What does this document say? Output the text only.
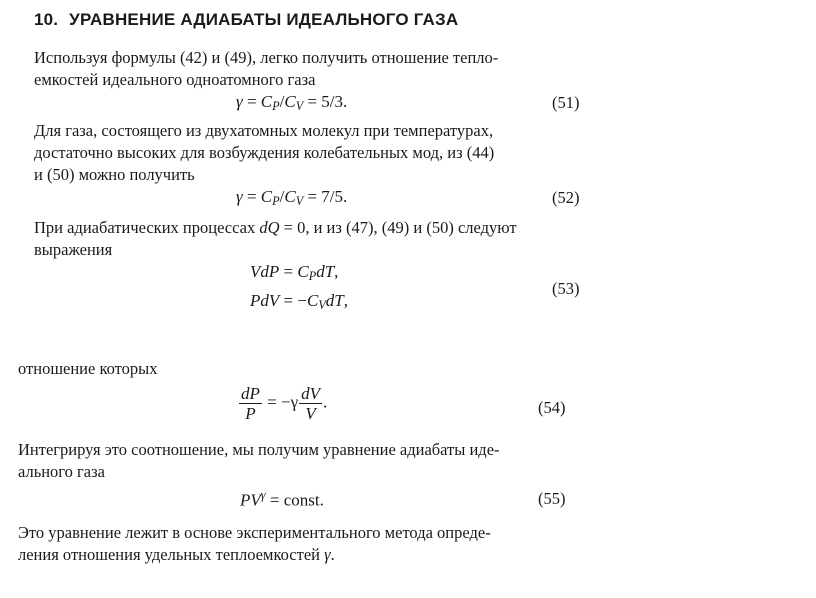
10. УРАВНЕНИЕ АДИАБАТЫ ИДЕАЛЬНОГО ГАЗА
Используя формулы (42) и (49), легко получить отношение тепло-
емкостей идеального одноатомного газа
$\gamma = C_P/C_V = 5/3$.	(51)
Для газа, состоящего из двухатомных молекул при температурах,
достаточно высоких для возбуждения колебательных мод, из (44)
и (50) можно получить
$\gamma = C_P/C_V = 7/5$.	(52)
При адиабатических процессах dQ = 0, и из (47), (49) и (50) следуют
выражения
VdP = $C_PdT$,
PdV = $-C_VdT$,
(53)
отношение которых
$\frac{dP}{P} = -\gamma \frac{dV}{V}$ .	(54)
Интегрируя это соотношение, мы получим уравнение адиабаты иде-
ального газа
$PV^\gamma$ = const.	(55)
Это уравнение лежит в основе экспериментального метода опреде-
ления отношения удельных теплоемкостей γ.
